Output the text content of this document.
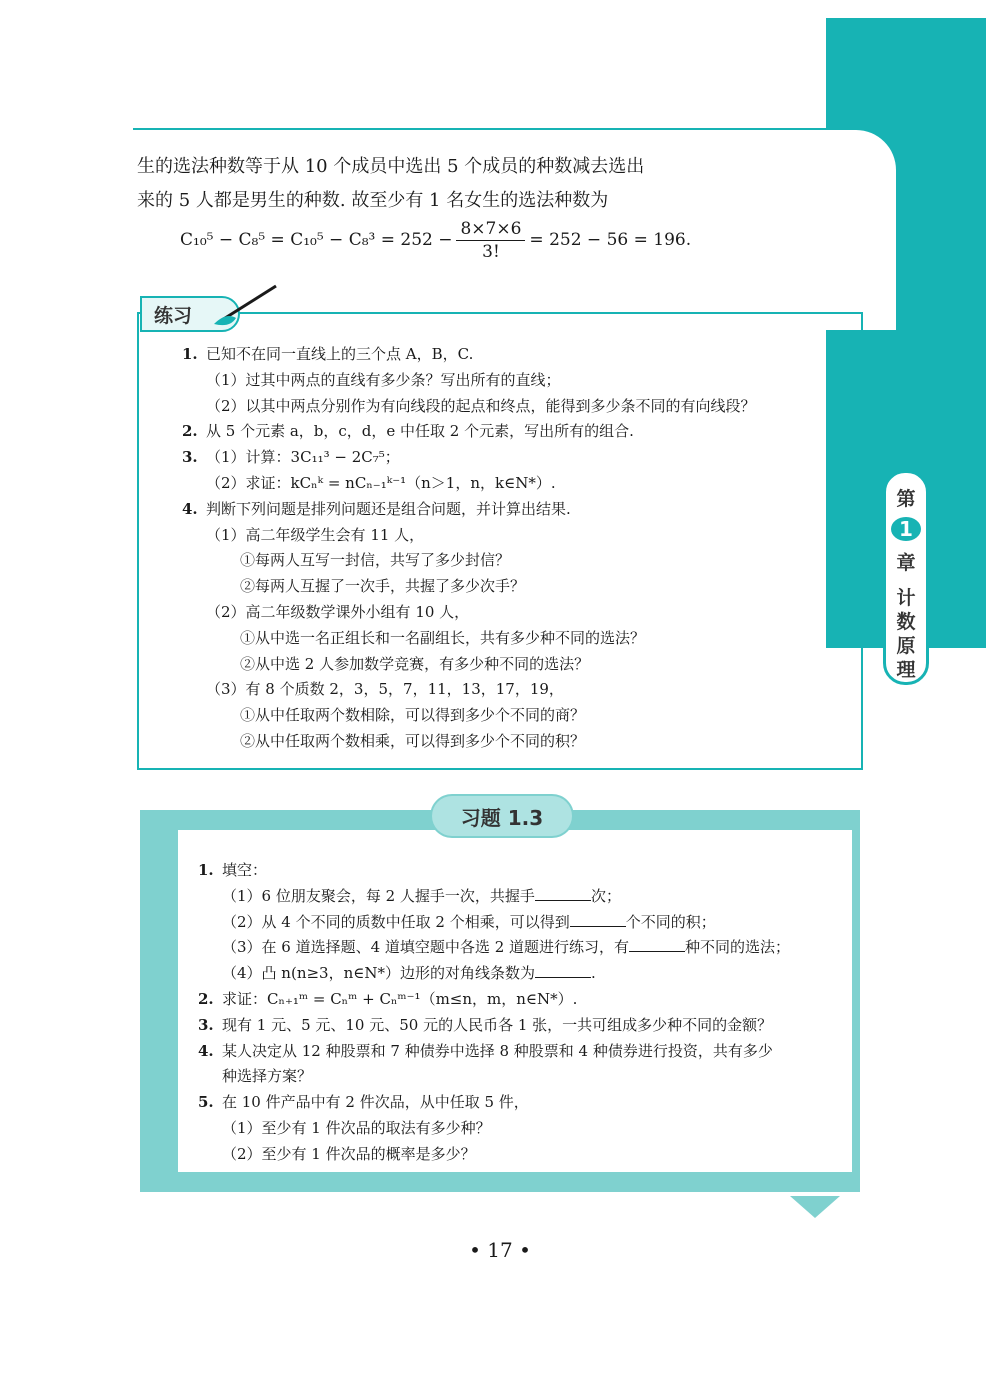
第
1
章
计
数
原
理
生的选法种数等于从 10 个成员中选出 5 个成员的种数减去选出
来的 5 人都是男生的种数. 故至少有 1 名女生的选法种数为
$C_{10}^5 - C_8^5 = C_{10}^5 - C_8^3 = 252 - \frac{8\times 7\times 6}{3!} = 252 - 56 = 196$.
练习
1. 已知不在同一直线上的三个点 A，B，C.
（1）过其中两点的直线有多少条？写出所有的直线；
（2）以其中两点分别作为有向线段的起点和终点，能得到多少条不同的有向线段？
2. 从 5 个元素 a，b，c，d，e 中任取 2 个元素，写出所有的组合.
3. （1）计算：3C₁₁³ − 2C₇⁵；
（2）求证：kCₙᵏ = nCₙ₋₁ᵏ⁻¹（n＞1，n，k∈N*）.
4. 判断下列问题是排列问题还是组合问题，并计算出结果.
（1）高二年级学生会有 11 人，
①每两人互写一封信，共写了多少封信？
②每两人互握了一次手，共握了多少次手？
（2）高二年级数学课外小组有 10 人，
①从中选一名正组长和一名副组长，共有多少种不同的选法？
②从中选 2 人参加数学竞赛，有多少种不同的选法？
（3）有 8 个质数 2，3，5，7，11，13，17，19，
①从中任取两个数相除，可以得到多少个不同的商？
②从中任取两个数相乘，可以得到多少个不同的积？
习题 1.3
1. 填空：
（1）6 位朋友聚会，每 2 人握手一次，共握手	次；
（2）从 4 个不同的质数中任取 2 个相乘，可以得到	个不同的积；
（3）在 6 道选择题、4 道填空题中各选 2 道题进行练习，有	种不同的选法；
（4）凸 n(n≥3，n∈N*）边形的对角线条数为	.
2. 求证：Cₙ₊₁ᵐ = Cₙᵐ + Cₙᵐ⁻¹（m≤n，m，n∈N*）.
3. 现有 1 元、5 元、10 元、50 元的人民币各 1 张，一共可组成多少种不同的金额？
4. 某人决定从 12 种股票和 7 种债券中选择 8 种股票和 4 种债券进行投资，共有多少
种选择方案？
5. 在 10 件产品中有 2 件次品，从中任取 5 件，
（1）至少有 1 件次品的取法有多少种？
（2）至少有 1 件次品的概率是多少？
• 17 •
